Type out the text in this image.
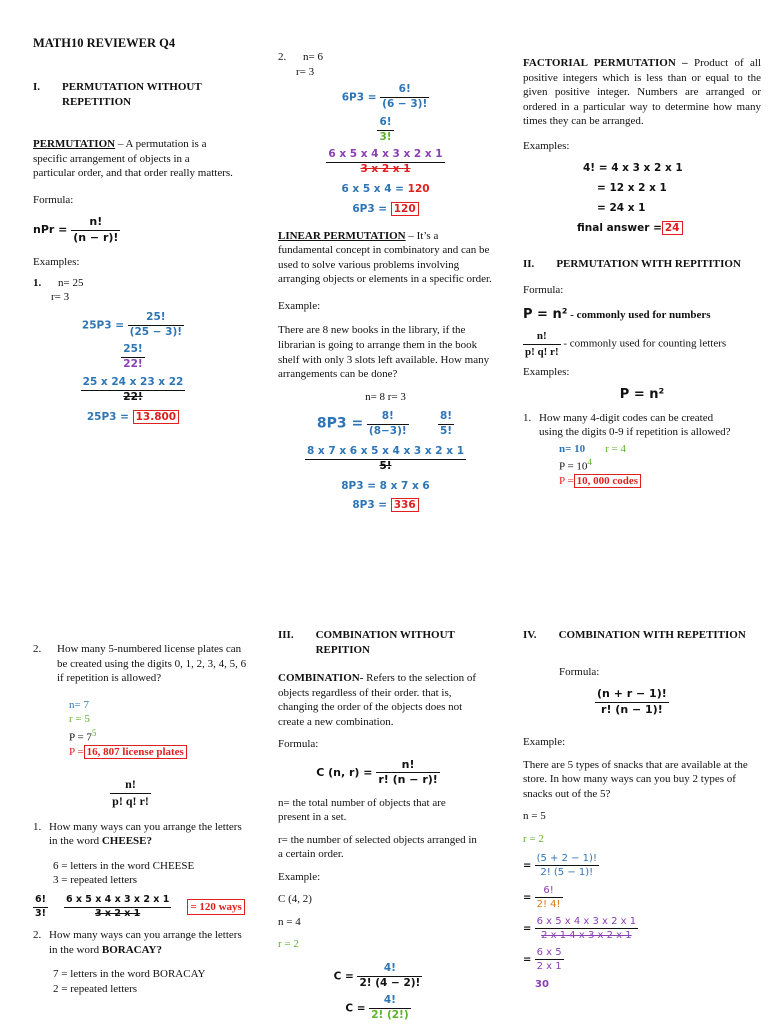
MATH10 REVIEWER Q4
I. PERMUTATION WITHOUT REPETITION

PERMUTATION – A permutation is a specific arrangement of objects in a particular order, and that order really matters.

Formula:

nPr = $\frac{n!}{(n - r)!}$

Examples:

1. n= 25
r= 3
$25P3 = \frac{25!}{(25 - 3)!}$
$\frac{25!}{22!}$
$\frac{25 x 24 x 23 x 22}{22!}$
25P3 = 13.800
2. n= 6
r= 3
$6P3 = \frac{6!}{(6 - 3)!}$
$\frac{6!}{3!}$
$\frac{6 x 5 x 4 x 3 x 2 x 1}{3 x 2 x 1}$
6 x 5 x 4 = 120
6P3 = 120

LINEAR PERMUTATION – It’s a fundamental concept in combinatory and can be used to solve various problems involving arranging objects or elements in a specific order.

Example:

There are 8 new books in the library, if the librarian is going to arrange them in the book shelf with only 3 slots left available. How many arrangements can be done?

n= 8 r= 3
$8P3 = \frac{8!}{(8-3)!}$
	$\frac{8!}{5!}$
$\frac{8 x 7 x 6 x 5 x 4 x 3 x 2 x 1}{5!}$
8P3 = 8 x 7 x 6
8P3 = 336

FACTORIAL PERMUTATION – Product of all positive integers which is less than or equal to the given positive integer. Numbers are arranged or ordered in a particular way to determine how many times they can be arranged.

Examples:

4! = 4 x 3 x 2 x 1
= 12 x 2 x 1
= 24 x 1
final answer = 24
II. PERMUTATION WITH REPITITION

Formula:

P = n² - commonly used for numbers
$\frac{n!}{p! q! r!}$ - commonly used for counting letters

Examples:

P = n²
1. How many 4-digit codes can be created using the digits 0-9 if repetition is allowed?
n= 10 r = 4
$P = 10^4$
P = 10, 000 codes
2.	How many 5-numbered license plates can be created using the digits 0, 1, 2, 3, 4, 5, 6 if repetition is allowed?
n= 7
r = 5
$P = 7^5$
P = 16, 807 license plates
$\frac{n!}{p! q! r!}$
1. How many ways can you arrange the letters in the word CHEESE?
6 = letters in the word CHEESE
3 = repeated letters
$\frac{6!}{3!} \frac{6 x 5 x 4 x 3 x 2 x 1}{3 x 2 x 1} = 120$ ways
2. How many ways can you arrange the letters in the word BORACAY?
7 = letters in the word BORACAY
2 = repeated letters
III. COMBINATION WITHOUT REPITION

COMBINATION- Refers to the selection of objects regardless of their order. that is, changing the order of the objects does not create a new combination.

Formula:

C (n, $r) = \frac{n!}{r! (n - r)!}$

n= the total number of objects that are present in a set.

r= the number of selected objects arranged in a certain order.

Example:

C (4, 2)

n = 4

r = 2

$C = \frac{4!}{2! (4 - 2)!}$
$C = \frac{4!}{2! (2!)}$
IV. COMBINATION WITH REPETITION

Formula:

$\frac{(n + r - 1)!}{r! (n - 1)!}$

Example:

There are 5 types of snacks that are available at the store. In how many ways can you buy 2 types of snacks out of the 5?

n = 5

r = 2

= $\frac{(5 + 2 - 1)!}{2! (5 - 1)!}$
= $\frac{6!}{2! 4!}$
= $\frac{6 x 5 x 4 x 3 x 2 x 1}{2 x 1 4 x 3 x 2 x 1}$
= $\frac{6 x 5}{2 x 1}$
30
